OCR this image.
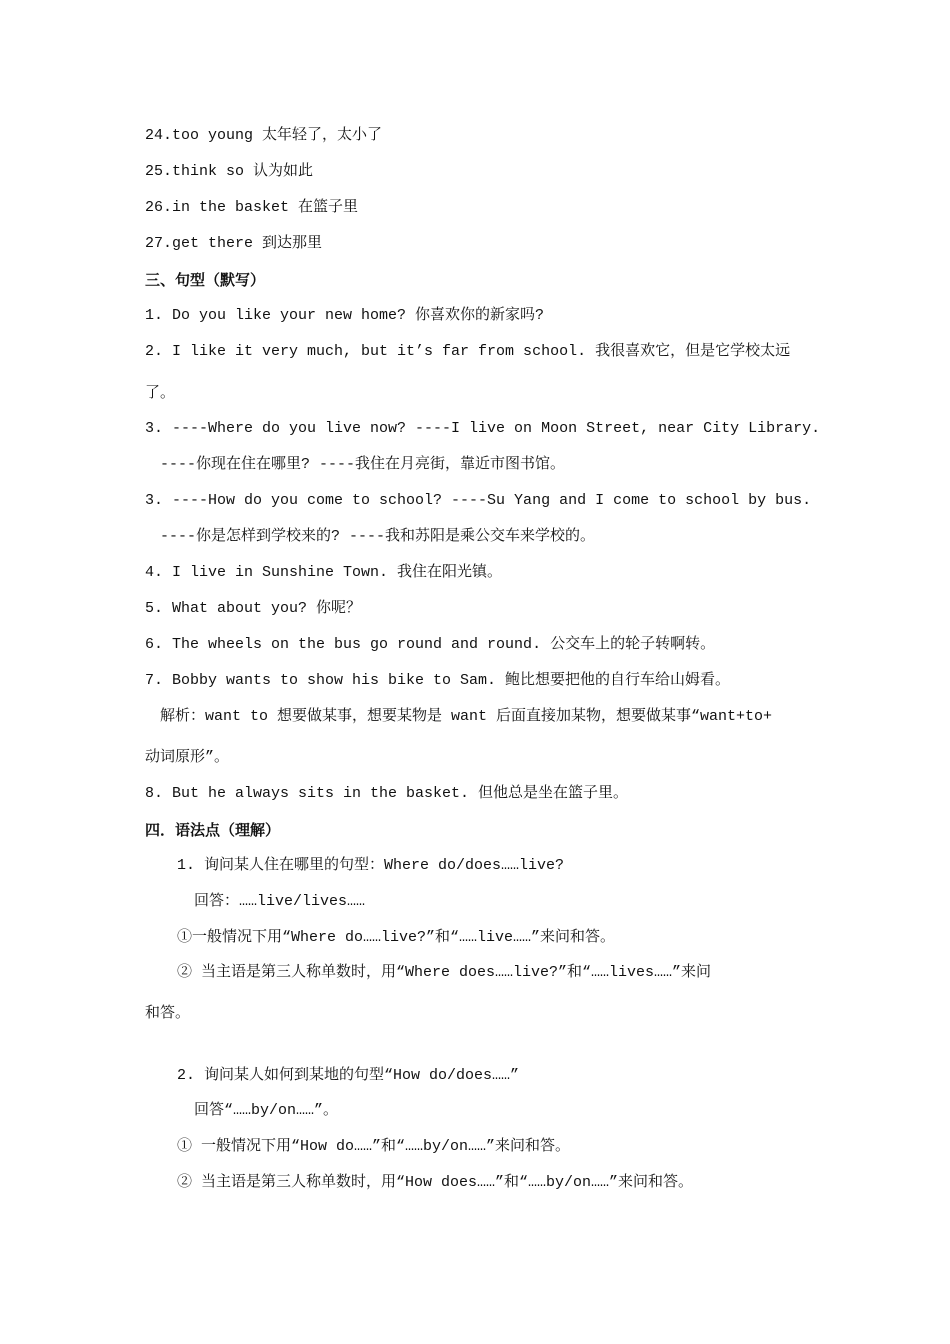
24.too young 太年轻了，太小了
25.think so 认为如此
26.in the basket 在篮子里
27.get there 到达那里
三、句型（默写）
1. Do you like your new home? 你喜欢你的新家吗?
2. I like it very much, but it’s far from school. 我很喜欢它，但是它学校太远
了。
3. ----Where do you live now? ----I live on Moon Street, near City Library.
----你现在住在哪里? ----我住在月亮街，靠近市图书馆。
3. ----How do you come to school? ----Su Yang and I come to school by bus.
----你是怎样到学校来的? ----我和苏阳是乘公交车来学校的。
4. I live in Sunshine Town. 我住在阳光镇。
5. What about you? 你呢？
6. The wheels on the bus go round and round. 公交车上的轮子转啊转。
7. Bobby wants to show his bike to Sam. 鲍比想要把他的自行车给山姆看。
解析：want to 想要做某事，想要某物是 want 后面直接加某物，想要做某事“want+to+
动词原形”。
8. But he always sits in the basket. 但他总是坐在篮子里。
四．语法点（理解）
1. 询问某人住在哪里的句型：Where do/does……live?
回答：……live/lives……
①一般情况下用“Where do……live?”和“……live……”来问和答。
② 当主语是第三人称单数时，用“Where does……live?”和“……lives……”来问
和答。
2. 询问某人如何到某地的句型“How do/does……”
回答“……by/on……”。
① 一般情况下用“How do……”和“……by/on……”来问和答。
② 当主语是第三人称单数时，用“How does……”和“……by/on……”来问和答。
